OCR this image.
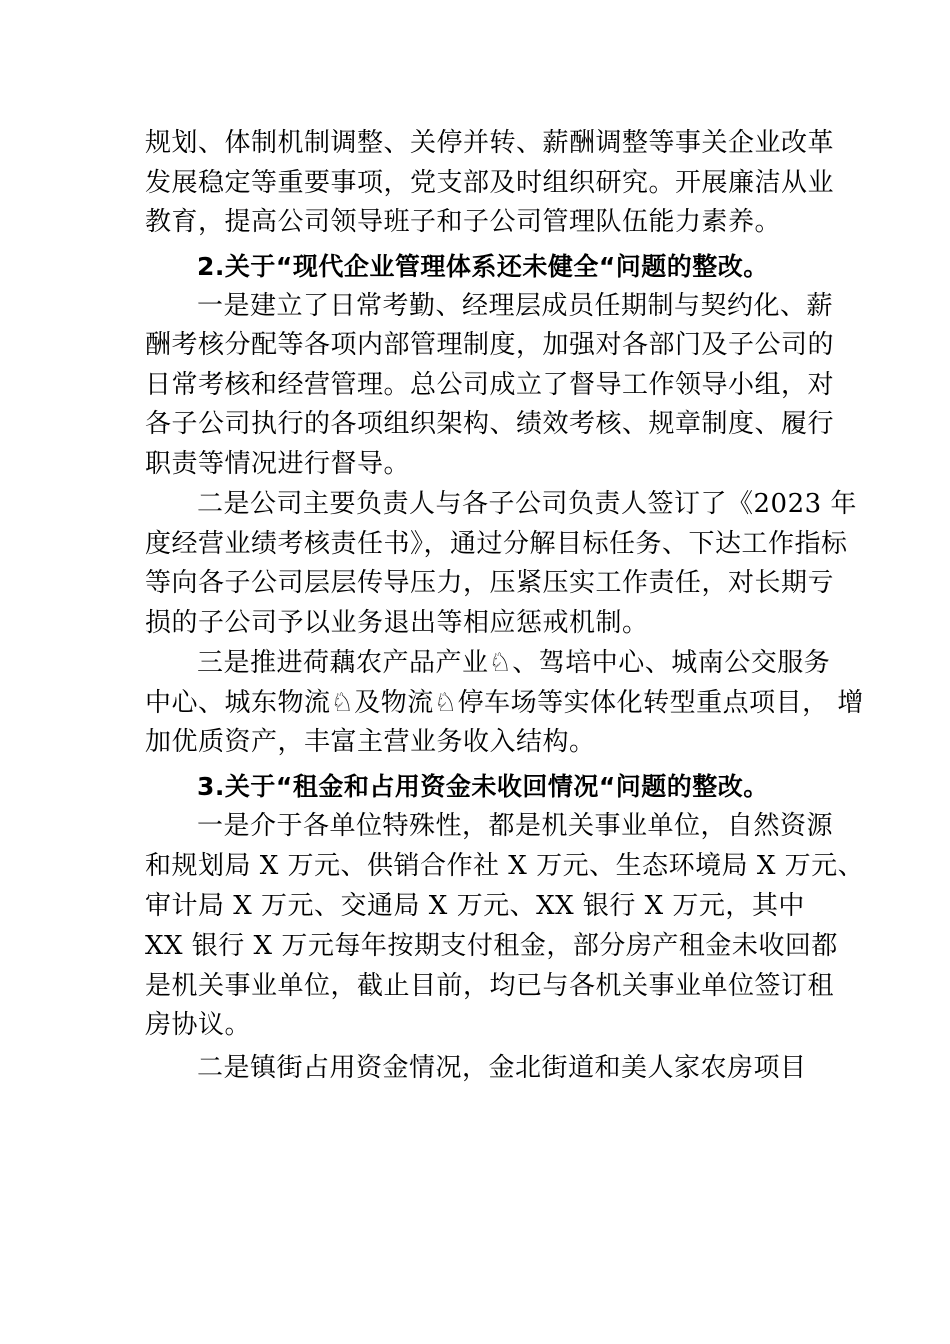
规划、体制机制调整、关停并转、薪酬调整等事关企业改革
发展稳定等重要事项，党支部及时组织研究。开展廉洁从业
教育，提高公司领导班子和子公司管理队伍能力素养。
2.关于“现代企业管理体系还未健全“问题的整改。
一是建立了日常考勤、经理层成员任期制与契约化、薪
酬考核分配等各项内部管理制度，加强对各部门及子公司的
日常考核和经营管理。总公司成立了督导工作领导小组，对
各子公司执行的各项组织架构、绩效考核、规章制度、履行
职责等情况进行督导。
二是公司主要负责人与各子公司负责人签订了《2023 年
度经营业绩考核责任书》，通过分解目标任务、下达工作指标
等向各子公司层层传导压力，压紧压实工作责任，对长期亏
损的子公司予以业务退出等相应惩戒机制。
三是推进荷藕农产品产业♘、驾培中心、城南公交服务
中心、城东物流♘及物流♘停车场等实体化转型重点项目， 增
加优质资产，丰富主营业务收入结构。
3.关于“租金和占用资金未收回情况“问题的整改。
一是介于各单位特殊性，都是机关事业单位，自然资源
和规划局 X 万元、供销合作社 X 万元、生态环境局 X 万元、
审计局 X 万元、交通局 X 万元、XX 银行 X 万元，其中
XX 银行 X 万元每年按期支付租金，部分房产租金未收回都
是机关事业单位，截止目前，均已与各机关事业单位签订租
房协议。
二是镇街占用资金情况，金北街道和美人家农房项目
